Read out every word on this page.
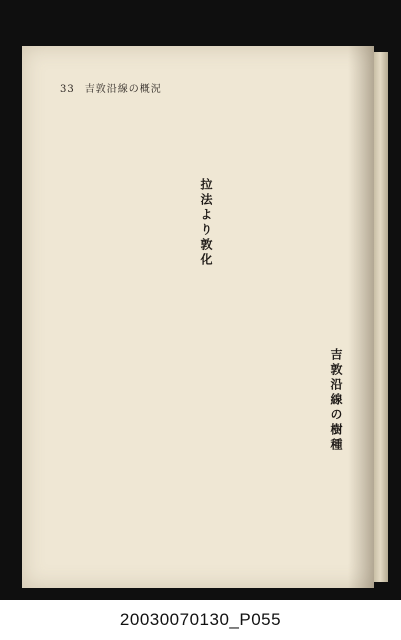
33 吉敦沿線の概況
拉法より敦化
吉敦沿線の樹種
20030070130_P055
